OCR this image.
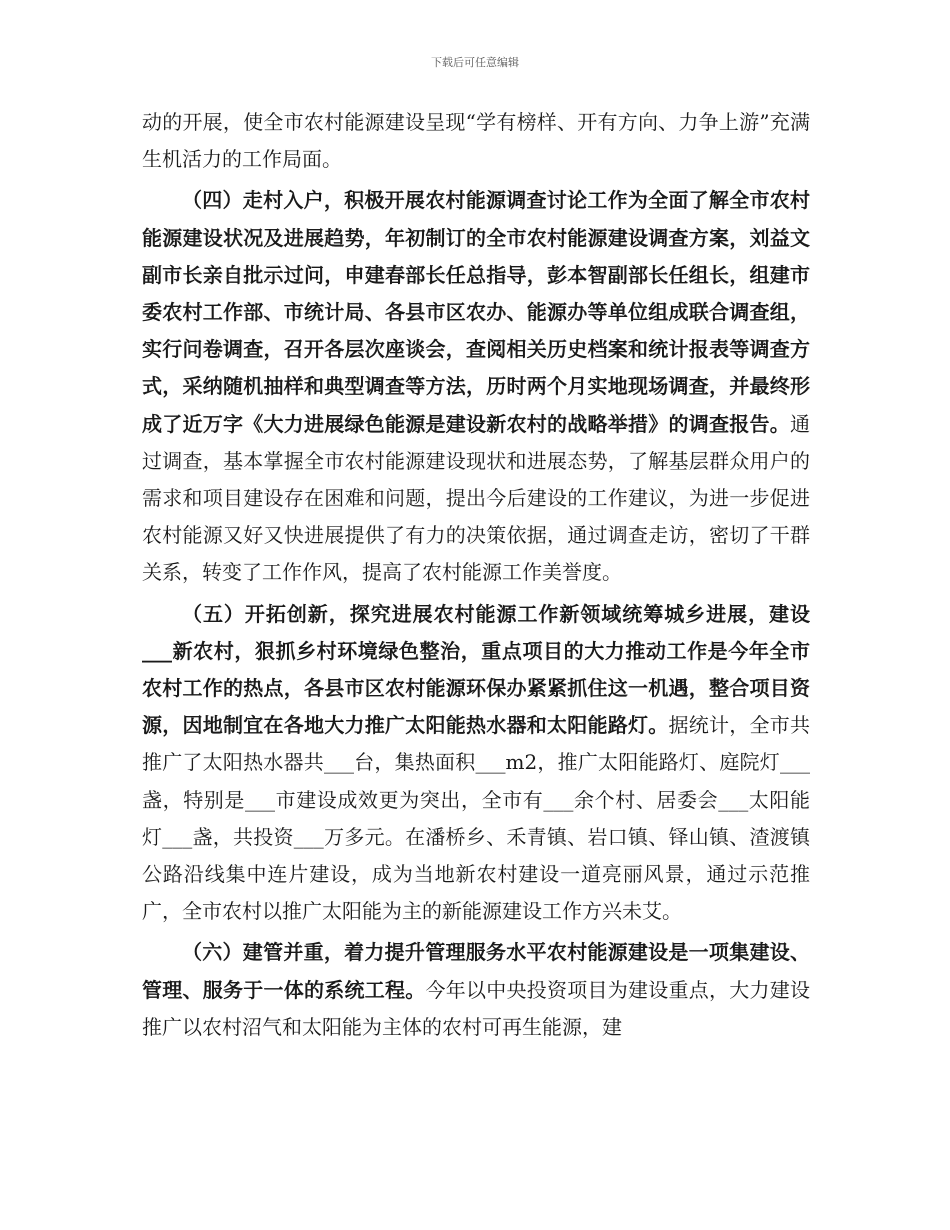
下载后可任意编辑

动的开展，使全市农村能源建设呈现“学有榜样、开有方向、力争上游”充满生机活力的工作局面。

（四）走村入户，积极开展农村能源调查讨论工作为全面了解全市农村能源建设状况及进展趋势，年初制订的全市农村能源建设调查方案，刘益文副市长亲自批示过问，申建春部长任总指导，彭本智副部长任组长，组建市委农村工作部、市统计局、各县市区农办、能源办等单位组成联合调查组，实行问卷调查，召开各层次座谈会，查阅相关历史档案和统计报表等调查方式，采纳随机抽样和典型调查等方法，历时两个月实地现场调查，并最终形成了近万字《大力进展绿色能源是建设新农村的战略举措》的调查报告。通过调查，基本掌握全市农村能源建设现状和进展态势，了解基层群众用户的需求和项目建设存在困难和问题，提出今后建设的工作建议，为进一步促进农村能源又好又快进展提供了有力的决策依据，通过调查走访，密切了干群关系，转变了工作作风，提高了农村能源工作美誉度。

（五）开拓创新，探究进展农村能源工作新领域统筹城乡进展，建设___新农村，狠抓乡村环境绿色整治，重点项目的大力推动工作是今年全市农村工作的热点，各县市区农村能源环保办紧紧抓住这一机遇，整合项目资源，因地制宜在各地大力推广太阳能热水器和太阳能路灯。据统计，全市共推广了太阳热水器共___台，集热面积___m2，推广太阳能路灯、庭院灯___盏，特别是___市建设成效更为突出，全市有___余个村、居委会___太阳能灯___盏，共投资___万多元。在潘桥乡、禾青镇、岩口镇、铎山镇、渣渡镇公路沿线集中连片建设，成为当地新农村建设一道亮丽风景，通过示范推广，全市农村以推广太阳能为主的新能源建设工作方兴未艾。

（六）建管并重，着力提升管理服务水平农村能源建设是一项集建设、管理、服务于一体的系统工程。今年以中央投资项目为建设重点，大力建设推广以农村沼气和太阳能为主体的农村可再生能源，建
